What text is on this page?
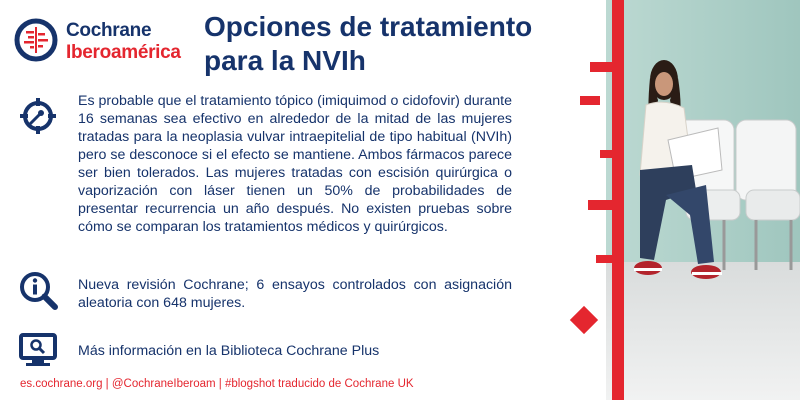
Cochrane
Iberoamérica
Opciones de tratamiento para la NVIh

Es probable que el tratamiento tópico (imiquimod o cidofovir) durante 16 semanas sea efectivo en alrededor de la mitad de las mujeres tratadas para la neoplasia vulvar intraepitelial de tipo habitual (NVIh) pero se desconoce si el efecto se mantiene. Ambos fármacos parece ser bien tolerados. Las mujeres tratadas con escisión quirúrgica o vaporización con láser tienen un 50% de probabilidades de presentar recurrencia un año después. No existen pruebas sobre cómo se comparan los tratamientos médicos y quirúrgicos.

Nueva revisión Cochrane; 6 ensayos controlados con asignación aleatoria con 648 mujeres.

Más información en la Biblioteca Cochrane Plus

es.cochrane.org | @CochraneIberoam | #blogshot traducido de Cochrane UK
